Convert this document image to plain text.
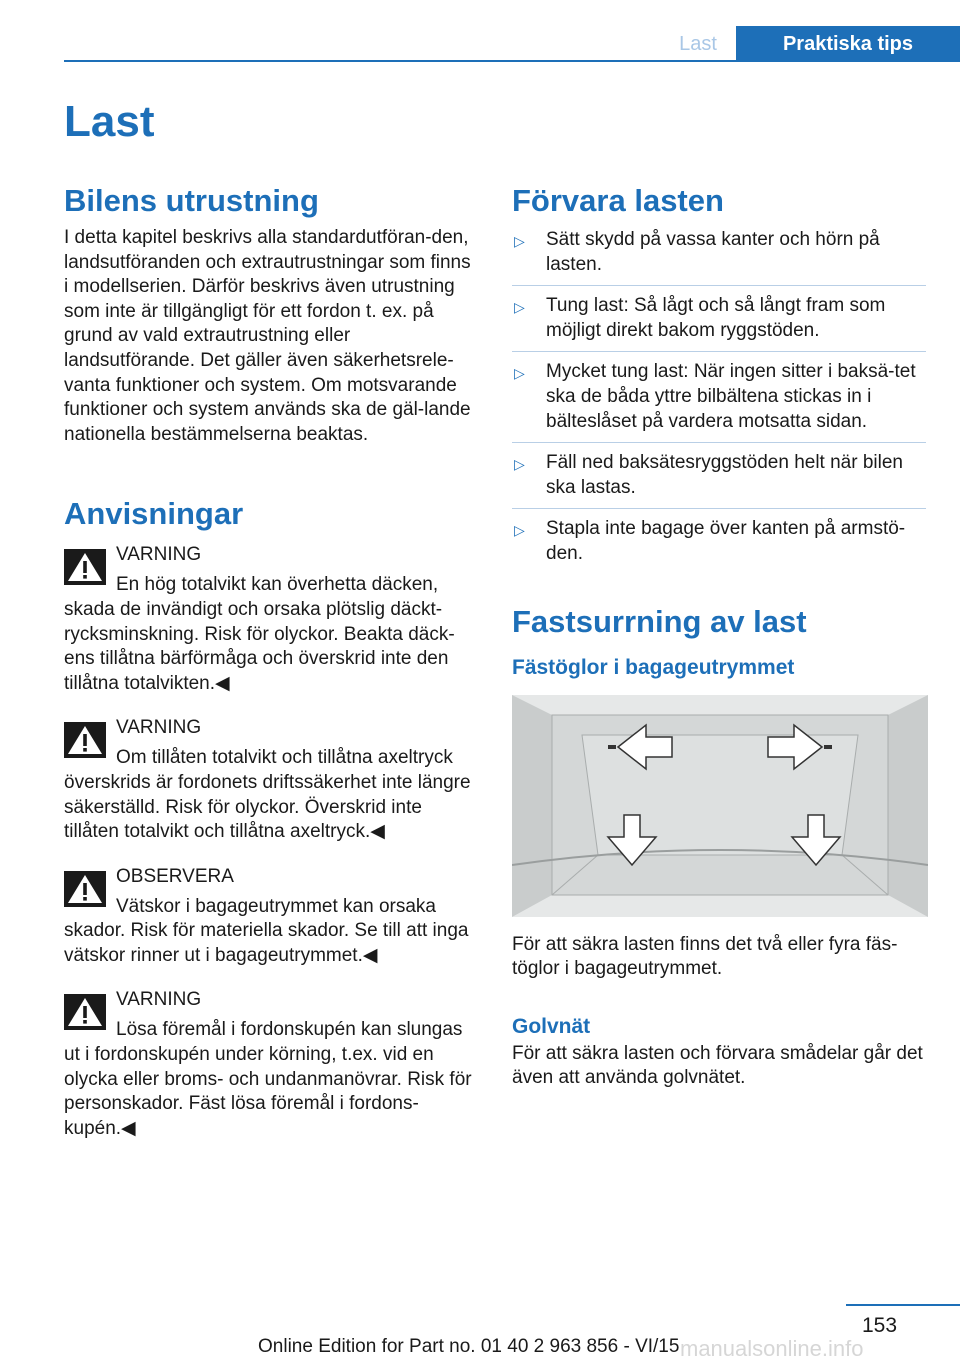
Last	Praktiska tips
Last
Bilens utrustning

I detta kapitel beskrivs alla standardutföran-den, landsutföranden och extrautrustningar som finns i modellserien. Därför beskrivs även utrustning som inte är tillgängligt för ett fordon t. ex. på grund av vald extrautrustning eller landsutförande. Det gäller även säkerhetsrele-vanta funktioner och system. Om motsvarande funktioner och system används ska de gäl-lande nationella bestämmelserna beaktas.

Anvisningar
VARNING

En hög totalvikt kan överhetta däcken, skada de invändigt och orsaka plötslig däckt-rycksminskning. Risk för olyckor. Beakta däck-ens tillåtna bärförmåga och överskrid inte den tillåtna totalvikten.◀

VARNING

Om tillåten totalvikt och tillåtna axeltryck överskrids är fordonets driftssäkerhet inte längre säkerställd. Risk för olyckor. Överskrid inte tillåten totalvikt och tillåtna axeltryck.◀

OBSERVERA

Vätskor i bagageutrymmet kan orsaka skador. Risk för materiella skador. Se till att inga vätskor rinner ut i bagageutrymmet.◀

VARNING

Lösa föremål i fordonskupén kan slungas ut i fordonskupén under körning, t.ex. vid en olycka eller broms- och undanmanövrar. Risk för personskador. Fäst lösa föremål i fordons-kupén.◀

Förvara lasten
▷ Sätt skydd på vassa kanter och hörn på lasten.
▷ Tung last: Så lågt och så långt fram som möjligt direkt bakom ryggstöden.
▷ Mycket tung last: När ingen sitter i baksä-tet ska de båda yttre bilbältena stickas in i bälteslåset på vardera motsatta sidan.
▷ Fäll ned baksätesryggstöden helt när bilen ska lastas.
▷ Stapla inte bagage över kanten på armstö-den.
Fastsurrning av last
Fästöglor i bagageutrymmet

För att säkra lasten finns det två eller fyra fäs-töglor i bagageutrymmet.

Golvnät

För att säkra lasten och förvara smådelar går det även att använda golvnätet.

153
Online Edition for Part no. 01 40 2 963 856 - VI/15 manualsonline.info
